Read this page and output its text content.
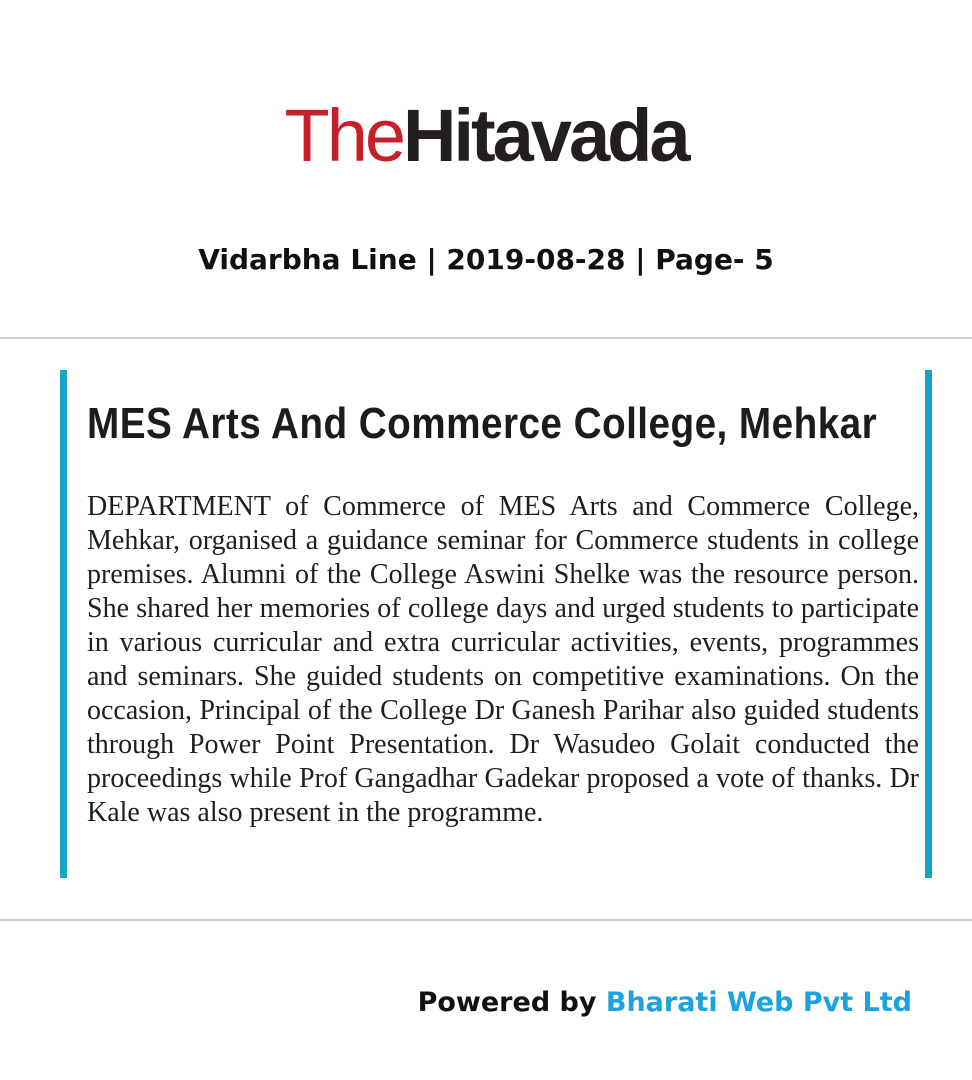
TheHitavada
Vidarbha Line | 2019-08-28 | Page- 5
MES Arts And Commerce College, Mehkar
DEPARTMENT of Commerce of MES Arts and Commerce College, Mehkar, organised a guidance seminar for Commerce students in college premises. Alumni of the College Aswini Shelke was the resource person. She shared her memories of college days and urged students to participate in various curricular and extra curricular activities, events, programmes and seminars. She guided students on competitive examinations. On the occasion, Principal of the College Dr Ganesh Parihar also guided students through Power Point Presentation. Dr Wasudeo Golait conducted the proceedings while Prof Gangadhar Gadekar proposed a vote of thanks. Dr Kale was also present in the programme.
Powered by Bharati Web Pvt Ltd
